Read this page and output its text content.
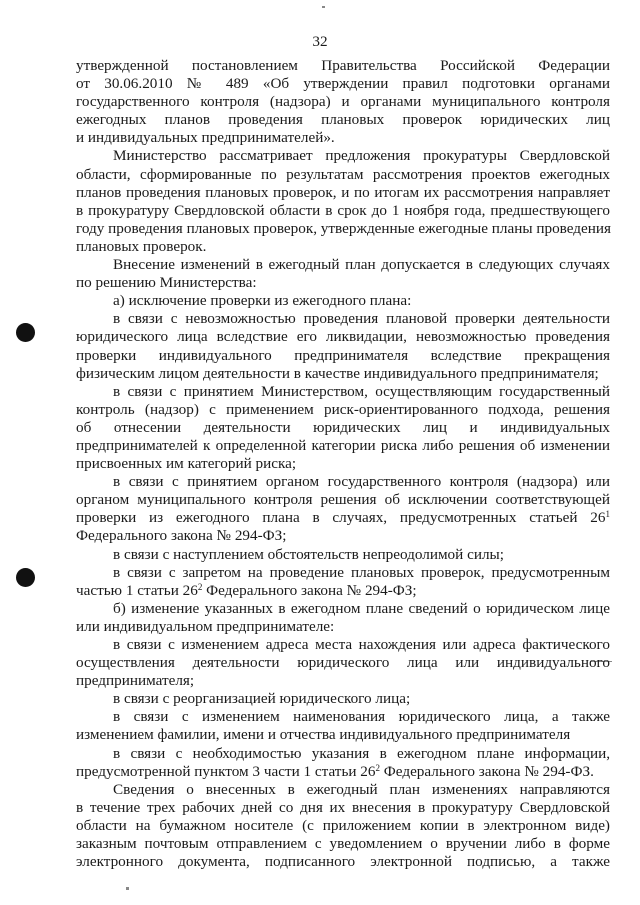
32
утвержденной постановлением Правительства Российской Федерации
от 30.06.2010 № 489 «Об утверждении правил подготовки органами
государственного контроля (надзора) и органами муниципального контроля
ежегодных планов проведения плановых проверок юридических лиц
и индивидуальных предпринимателей».
Министерство рассматривает предложения прокуратуры Свердловской
области, сформированные по результатам рассмотрения проектов ежегодных
планов проведения плановых проверок, и по итогам их рассмотрения направляет
в прокуратуру Свердловской области в срок до 1 ноября года, предшествующего
году проведения плановых проверок, утвержденные ежегодные планы проведения
плановых проверок.
Внесение изменений в ежегодный план допускается в следующих случаях
по решению Министерства:
а) исключение проверки из ежегодного плана:
в связи с невозможностью проведения плановой проверки деятельности
юридического лица вследствие его ликвидации, невозможностью проведения
проверки индивидуального предпринимателя вследствие прекращения
физическим лицом деятельности в качестве индивидуального предпринимателя;
в связи с принятием Министерством, осуществляющим государственный
контроль (надзор) с применением риск-ориентированного подхода, решения
об отнесении деятельности юридических лиц и индивидуальных
предпринимателей к определенной категории риска либо решения об изменении
присвоенных им категорий риска;
в связи с принятием органом государственного контроля (надзора) или
органом муниципального контроля решения об исключении соответствующей
проверки из ежегодного плана в случаях, предусмотренных статьей $26^1$
Федерального закона № 294-ФЗ;
в связи с наступлением обстоятельств непреодолимой силы;
в связи с запретом на проведение плановых проверок, предусмотренным
частью 1 статьи $26^2$ Федерального закона № 294-ФЗ;
б) изменение указанных в ежегодном плане сведений о юридическом лице
или индивидуальном предпринимателе:
в связи с изменением адреса места нахождения или адреса фактического
осуществления деятельности юридического лица или индивидуального
предпринимателя;
в связи с реорганизацией юридического лица;
в связи с изменением наименования юридического лица, а также
изменением фамилии, имени и отчества индивидуального предпринимателя
в связи с необходимостью указания в ежегодном плане информации,
предусмотренной пунктом 3 части 1 статьи $26^2$ Федерального закона № 294-ФЗ.
Сведения о внесенных в ежегодный план изменениях направляются
в течение трех рабочих дней со дня их внесения в прокуратуру Свердловской
области на бумажном носителе (с приложением копии в электронном виде)
заказным почтовым отправлением с уведомлением о вручении либо в форме
электронного документа, подписанного электронной подписью, а также
